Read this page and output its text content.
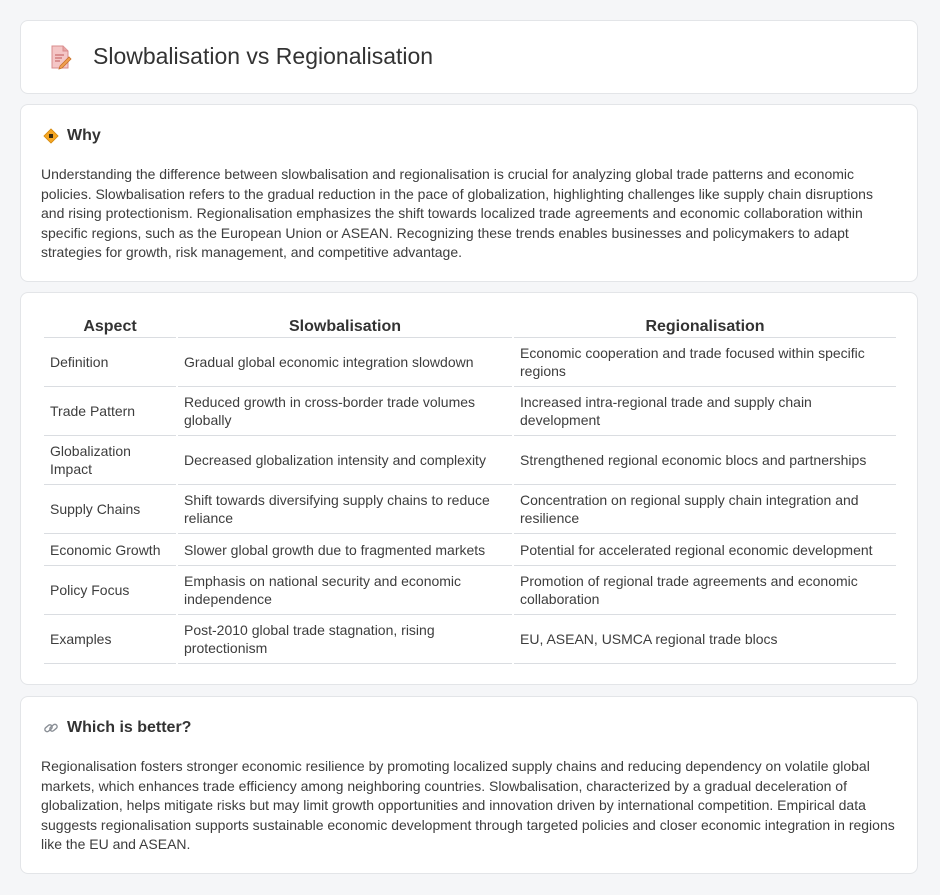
Slowbalisation vs Regionalisation
Why

Understanding the difference between slowbalisation and regionalisation is crucial for analyzing global trade patterns and economic policies. Slowbalisation refers to the gradual reduction in the pace of globalization, highlighting challenges like supply chain disruptions and rising protectionism. Regionalisation emphasizes the shift towards localized trade agreements and economic collaboration within specific regions, such as the European Union or ASEAN. Recognizing these trends enables businesses and policymakers to adapt strategies for growth, risk management, and competitive advantage.

Aspect	Slowbalisation	Regionalisation
Definition	Gradual global economic integration slowdown	Economic cooperation and trade focused within specific regions
Trade Pattern	Reduced growth in cross-border trade volumes globally	Increased intra-regional trade and supply chain development
Globalization Impact	Decreased globalization intensity and complexity	Strengthened regional economic blocs and partnerships
Supply Chains	Shift towards diversifying supply chains to reduce reliance	Concentration on regional supply chain integration and resilience
Economic Growth	Slower global growth due to fragmented markets	Potential for accelerated regional economic development
Policy Focus	Emphasis on national security and economic independence	Promotion of regional trade agreements and economic collaboration
Examples	Post-2010 global trade stagnation, rising protectionism	EU, ASEAN, USMCA regional trade blocs
Which is better?

Regionalisation fosters stronger economic resilience by promoting localized supply chains and reducing dependency on volatile global markets, which enhances trade efficiency among neighboring countries. Slowbalisation, characterized by a gradual deceleration of globalization, helps mitigate risks but may limit growth opportunities and innovation driven by international competition. Empirical data suggests regionalisation supports sustainable economic development through targeted policies and closer economic integration in regions like the EU and ASEAN.
